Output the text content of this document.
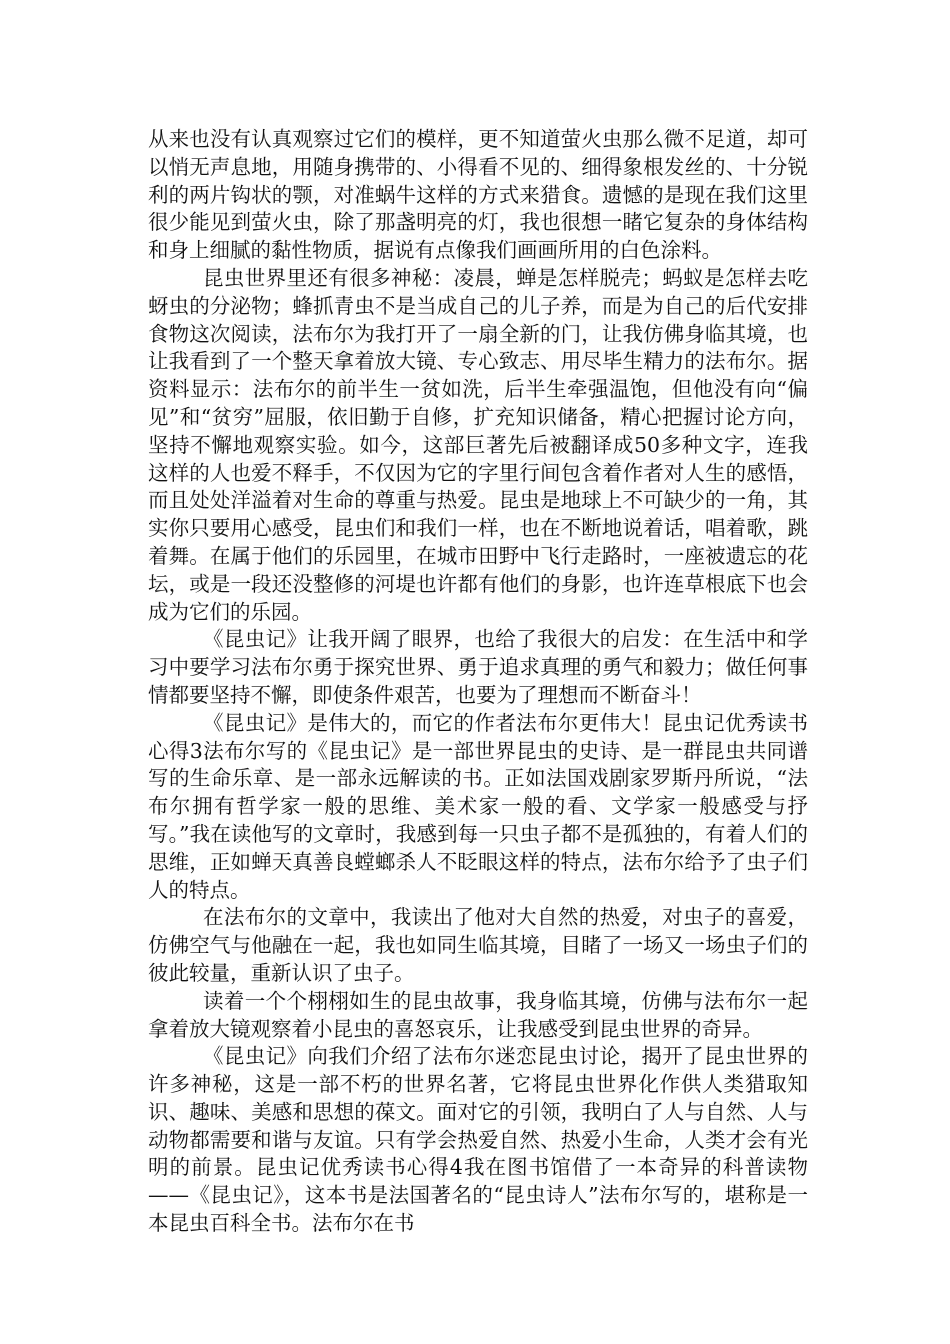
从来也没有认真观察过它们的模样，更不知道萤火虫那么微不足道，却可以悄无声息地，用随身携带的、小得看不见的、细得象根发丝的、十分锐利的两片钩状的颚，对准蜗牛这样的方式来猎食。遗憾的是现在我们这里很少能见到萤火虫，除了那盏明亮的灯，我也很想一睹它复杂的身体结构和身上细腻的黏性物质，据说有点像我们画画所用的白色涂料。

昆虫世界里还有很多神秘：凌晨，蝉是怎样脱壳；蚂蚁是怎样去吃蚜虫的分泌物；蜂抓青虫不是当成自己的儿子养，而是为自己的后代安排食物这次阅读，法布尔为我打开了一扇全新的门，让我仿佛身临其境，也让我看到了一个整天拿着放大镜、专心致志、用尽毕生精力的法布尔。据资料显示：法布尔的前半生一贫如洗，后半生牵强温饱，但他没有向“偏见”和“贫穷”屈服，依旧勤于自修，扩充知识储备，精心把握讨论方向，坚持不懈地观察实验。如今，这部巨著先后被翻译成50多种文字，连我这样的人也爱不释手，不仅因为它的字里行间包含着作者对人生的感悟，而且处处洋溢着对生命的尊重与热爱。昆虫是地球上不可缺少的一角，其实你只要用心感受，昆虫们和我们一样，也在不断地说着话，唱着歌，跳着舞。在属于他们的乐园里，在城市田野中飞行走路时，一座被遗忘的花坛，或是一段还没整修的河堤也许都有他们的身影，也许连草根底下也会成为它们的乐园。

《昆虫记》让我开阔了眼界，也给了我很大的启发：在生活中和学习中要学习法布尔勇于探究世界、勇于追求真理的勇气和毅力；做任何事情都要坚持不懈，即使条件艰苦，也要为了理想而不断奋斗！

《昆虫记》是伟大的，而它的作者法布尔更伟大！昆虫记优秀读书心得3法布尔写的《昆虫记》是一部世界昆虫的史诗、是一群昆虫共同谱写的生命乐章、是一部永远解读的书。正如法国戏剧家罗斯丹所说，“法布尔拥有哲学家一般的思维、美术家一般的看、文学家一般感受与抒写。”我在读他写的文章时，我感到每一只虫子都不是孤独的，有着人们的思维，正如蝉天真善良螳螂杀人不眨眼这样的特点，法布尔给予了虫子们人的特点。

在法布尔的文章中，我读出了他对大自然的热爱，对虫子的喜爱，仿佛空气与他融在一起，我也如同生临其境，目睹了一场又一场虫子们的彼此较量，重新认识了虫子。

读着一个个栩栩如生的昆虫故事，我身临其境，仿佛与法布尔一起拿着放大镜观察着小昆虫的喜怒哀乐，让我感受到昆虫世界的奇异。

《昆虫记》向我们介绍了法布尔迷恋昆虫讨论，揭开了昆虫世界的许多神秘，这是一部不朽的世界名著，它将昆虫世界化作供人类猎取知识、趣味、美感和思想的葆文。面对它的引领，我明白了人与自然、人与动物都需要和谐与友谊。只有学会热爱自然、热爱小生命，人类才会有光明的前景。昆虫记优秀读书心得4我在图书馆借了一本奇异的科普读物——《昆虫记》，这本书是法国著名的“昆虫诗人”法布尔写的，堪称是一本昆虫百科全书。法布尔在书
